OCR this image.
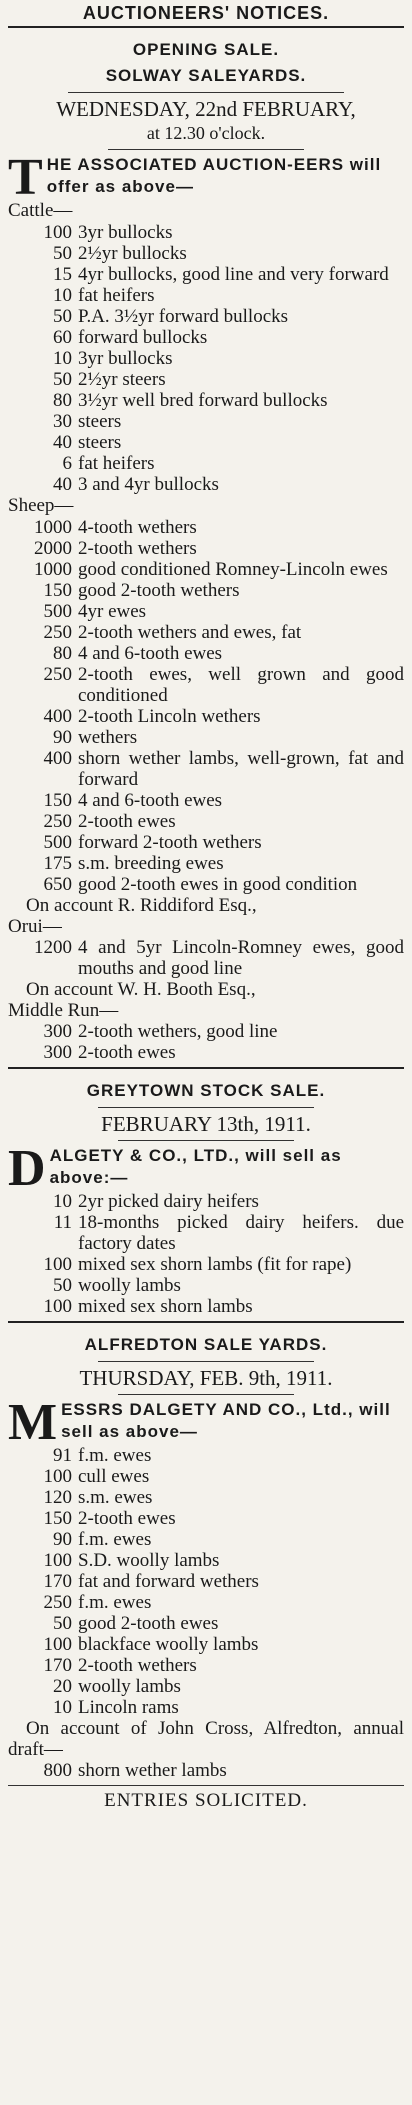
AUCTIONEERS' NOTICES.
OPENING SALE.
SOLWAY SALEYARDS.
WEDNESDAY, 22nd FEBRUARY,
at 12.30 o'clock.
T HE ASSOCIATED AUCTION-EERS will offer as above—
Cattle—
100 3yr bullocks
50 2½yr bullocks
15 4yr bullocks, good line and very forward
10 fat heifers
50 P.A. 3½yr forward bullocks
60 forward bullocks
10 3yr bullocks
50 2½yr steers
80 3½yr well bred forward bullocks
30 steers
40 steers
6 fat heifers
40 3 and 4yr bullocks
Sheep—
1000 4-tooth wethers
2000 2-tooth wethers
1000 good conditioned Romney-Lincoln ewes
150 good 2-tooth wethers
500 4yr ewes
250 2-tooth wethers and ewes, fat
80 4 and 6-tooth ewes
250 2-tooth ewes, well grown and good conditioned
400 2-tooth Lincoln wethers
90 wethers
400 shorn wether lambs, well-grown, fat and forward
150 4 and 6-tooth ewes
250 2-tooth ewes
500 forward 2-tooth wethers
175 s.m. breeding ewes
650 good 2-tooth ewes in good condition
On account R. Riddiford Esq.,
Orui—
1200 4 and 5yr Lincoln-Romney ewes, good mouths and good line
On account W. H. Booth Esq.,
Middle Run—
300 2-tooth wethers, good line
300 2-tooth ewes
GREYTOWN STOCK SALE.
FEBRUARY 13th, 1911.
D ALGETY & CO., LTD., will sell as above:—
10 2yr picked dairy heifers
11 18-months picked dairy heifers. due factory dates
100 mixed sex shorn lambs (fit for rape)
50 woolly lambs
100 mixed sex shorn lambs
ALFREDTON SALE YARDS.
THURSDAY, FEB. 9th, 1911.
M ESSRS DALGETY AND CO., Ltd., will sell as above—
91 f.m. ewes
100 cull ewes
120 s.m. ewes
150 2-tooth ewes
90 f.m. ewes
100 S.D. woolly lambs
170 fat and forward wethers
250 f.m. ewes
50 good 2-tooth ewes
100 blackface woolly lambs
170 2-tooth wethers
20 woolly lambs
10 Lincoln rams
On account of John Cross, Alfredton, annual draft—
800 shorn wether lambs
ENTRIES SOLICITED.
